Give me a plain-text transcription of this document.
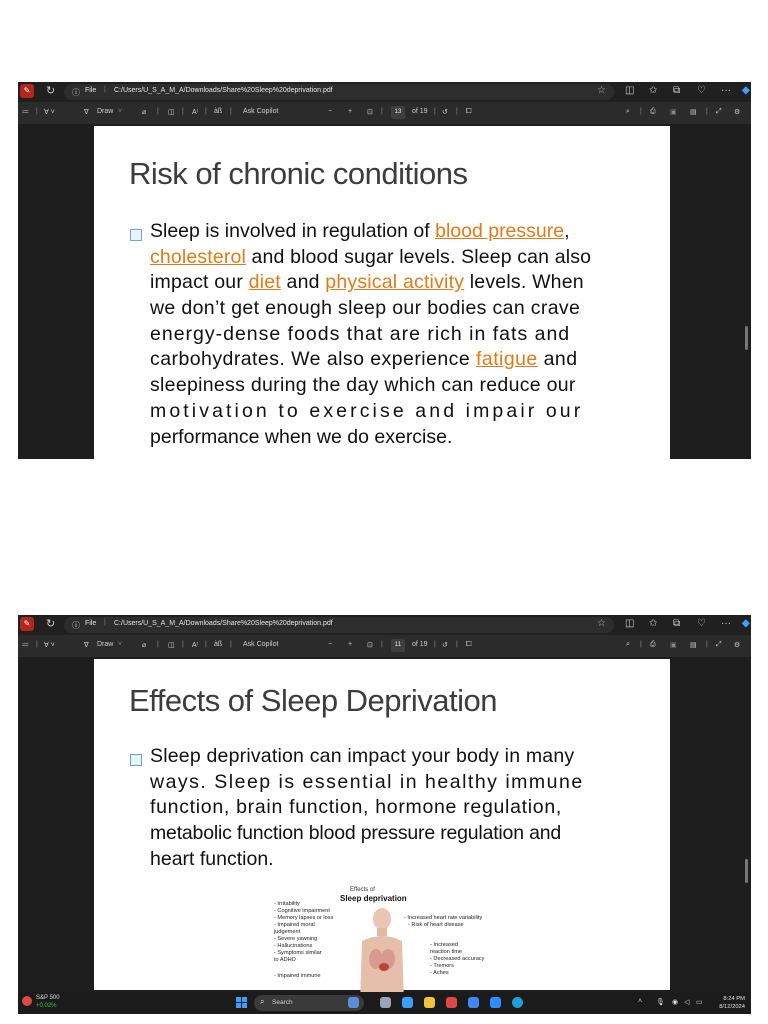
✎	↻ ⓘ File | C:/Users/U_S_A_M_A/Downloads/Share%20Sleep%20deprivation.pdf	☆ ◫ ✩ ⧉ ♡ ··· ◆
≔ | ∀ ˅	∇ Draw ˅	⌀ | ◫ | A⁾ | àß | Ask Copilot	− + ⊡ |	13	of 19 | ↺ | ⧠	⌕ | ⎙ ▣ ▤ | ⤢ ⚙
Risk of chronic conditions
Sleep is involved in regulation of blood pressure,
cholesterol and blood sugar levels. Sleep can also
impact our diet and physical activity levels. When
we don’t get enough sleep our bodies can crave
energy-dense foods that are rich in fats and
carbohydrates. We also experience fatigue and
sleepiness during the day which can reduce our
motivation to exercise and impair our
performance when we do exercise.
✎	↻ ⓘ File | C:/Users/U_S_A_M_A/Downloads/Share%20Sleep%20deprivation.pdf	☆ ◫ ✩ ⧉ ♡ ··· ◆
≔ | ∀ ˅	∇ Draw ˅	⌀ | ◫ | A⁾ | àß | Ask Copilot	− + ⊡ |	11	of 19 | ↺ | ⧠	⌕ | ⎙ ▣ ▤ | ⤢ ⚙
Effects of Sleep Deprivation
Sleep deprivation can impact your body in many
ways. Sleep is essential in healthy immune
function, brain function, hormone regulation,
metabolic function blood pressure regulation and
heart function.
Effects of
Sleep deprivation
- Irritability
- Cognitive impairment
- Memory lapses or loss
- Impaired moral
judgement
- Severe yawning
- Hallucinations
- Symptoms similar
to ADHD
- Impaired immune
- Increased heart rate variability
- Risk of heart disease
- Increased
reaction time
- Decreased accuracy
- Tremors
- Aches
S&P 500
+0.02%	⌕ Search	˄ 🎙 ◉ ◁ ▭	8:24 PM
8/12/2024
